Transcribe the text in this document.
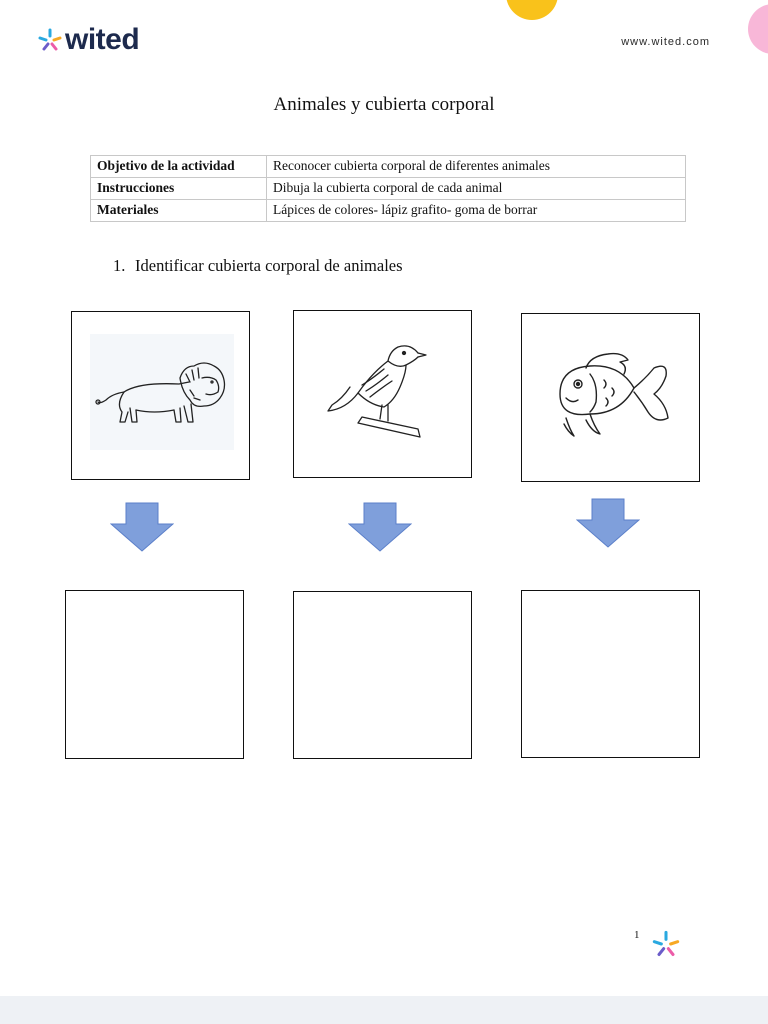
wited	www.wited.com
Animales y cubierta corporal
Objetivo de la actividad	Reconocer cubierta corporal de diferentes animales
Instrucciones	Dibuja la cubierta corporal de cada animal
Materiales	Lápices de colores- lápiz grafito- goma de borrar
1. Identificar cubierta corporal de animales
1
